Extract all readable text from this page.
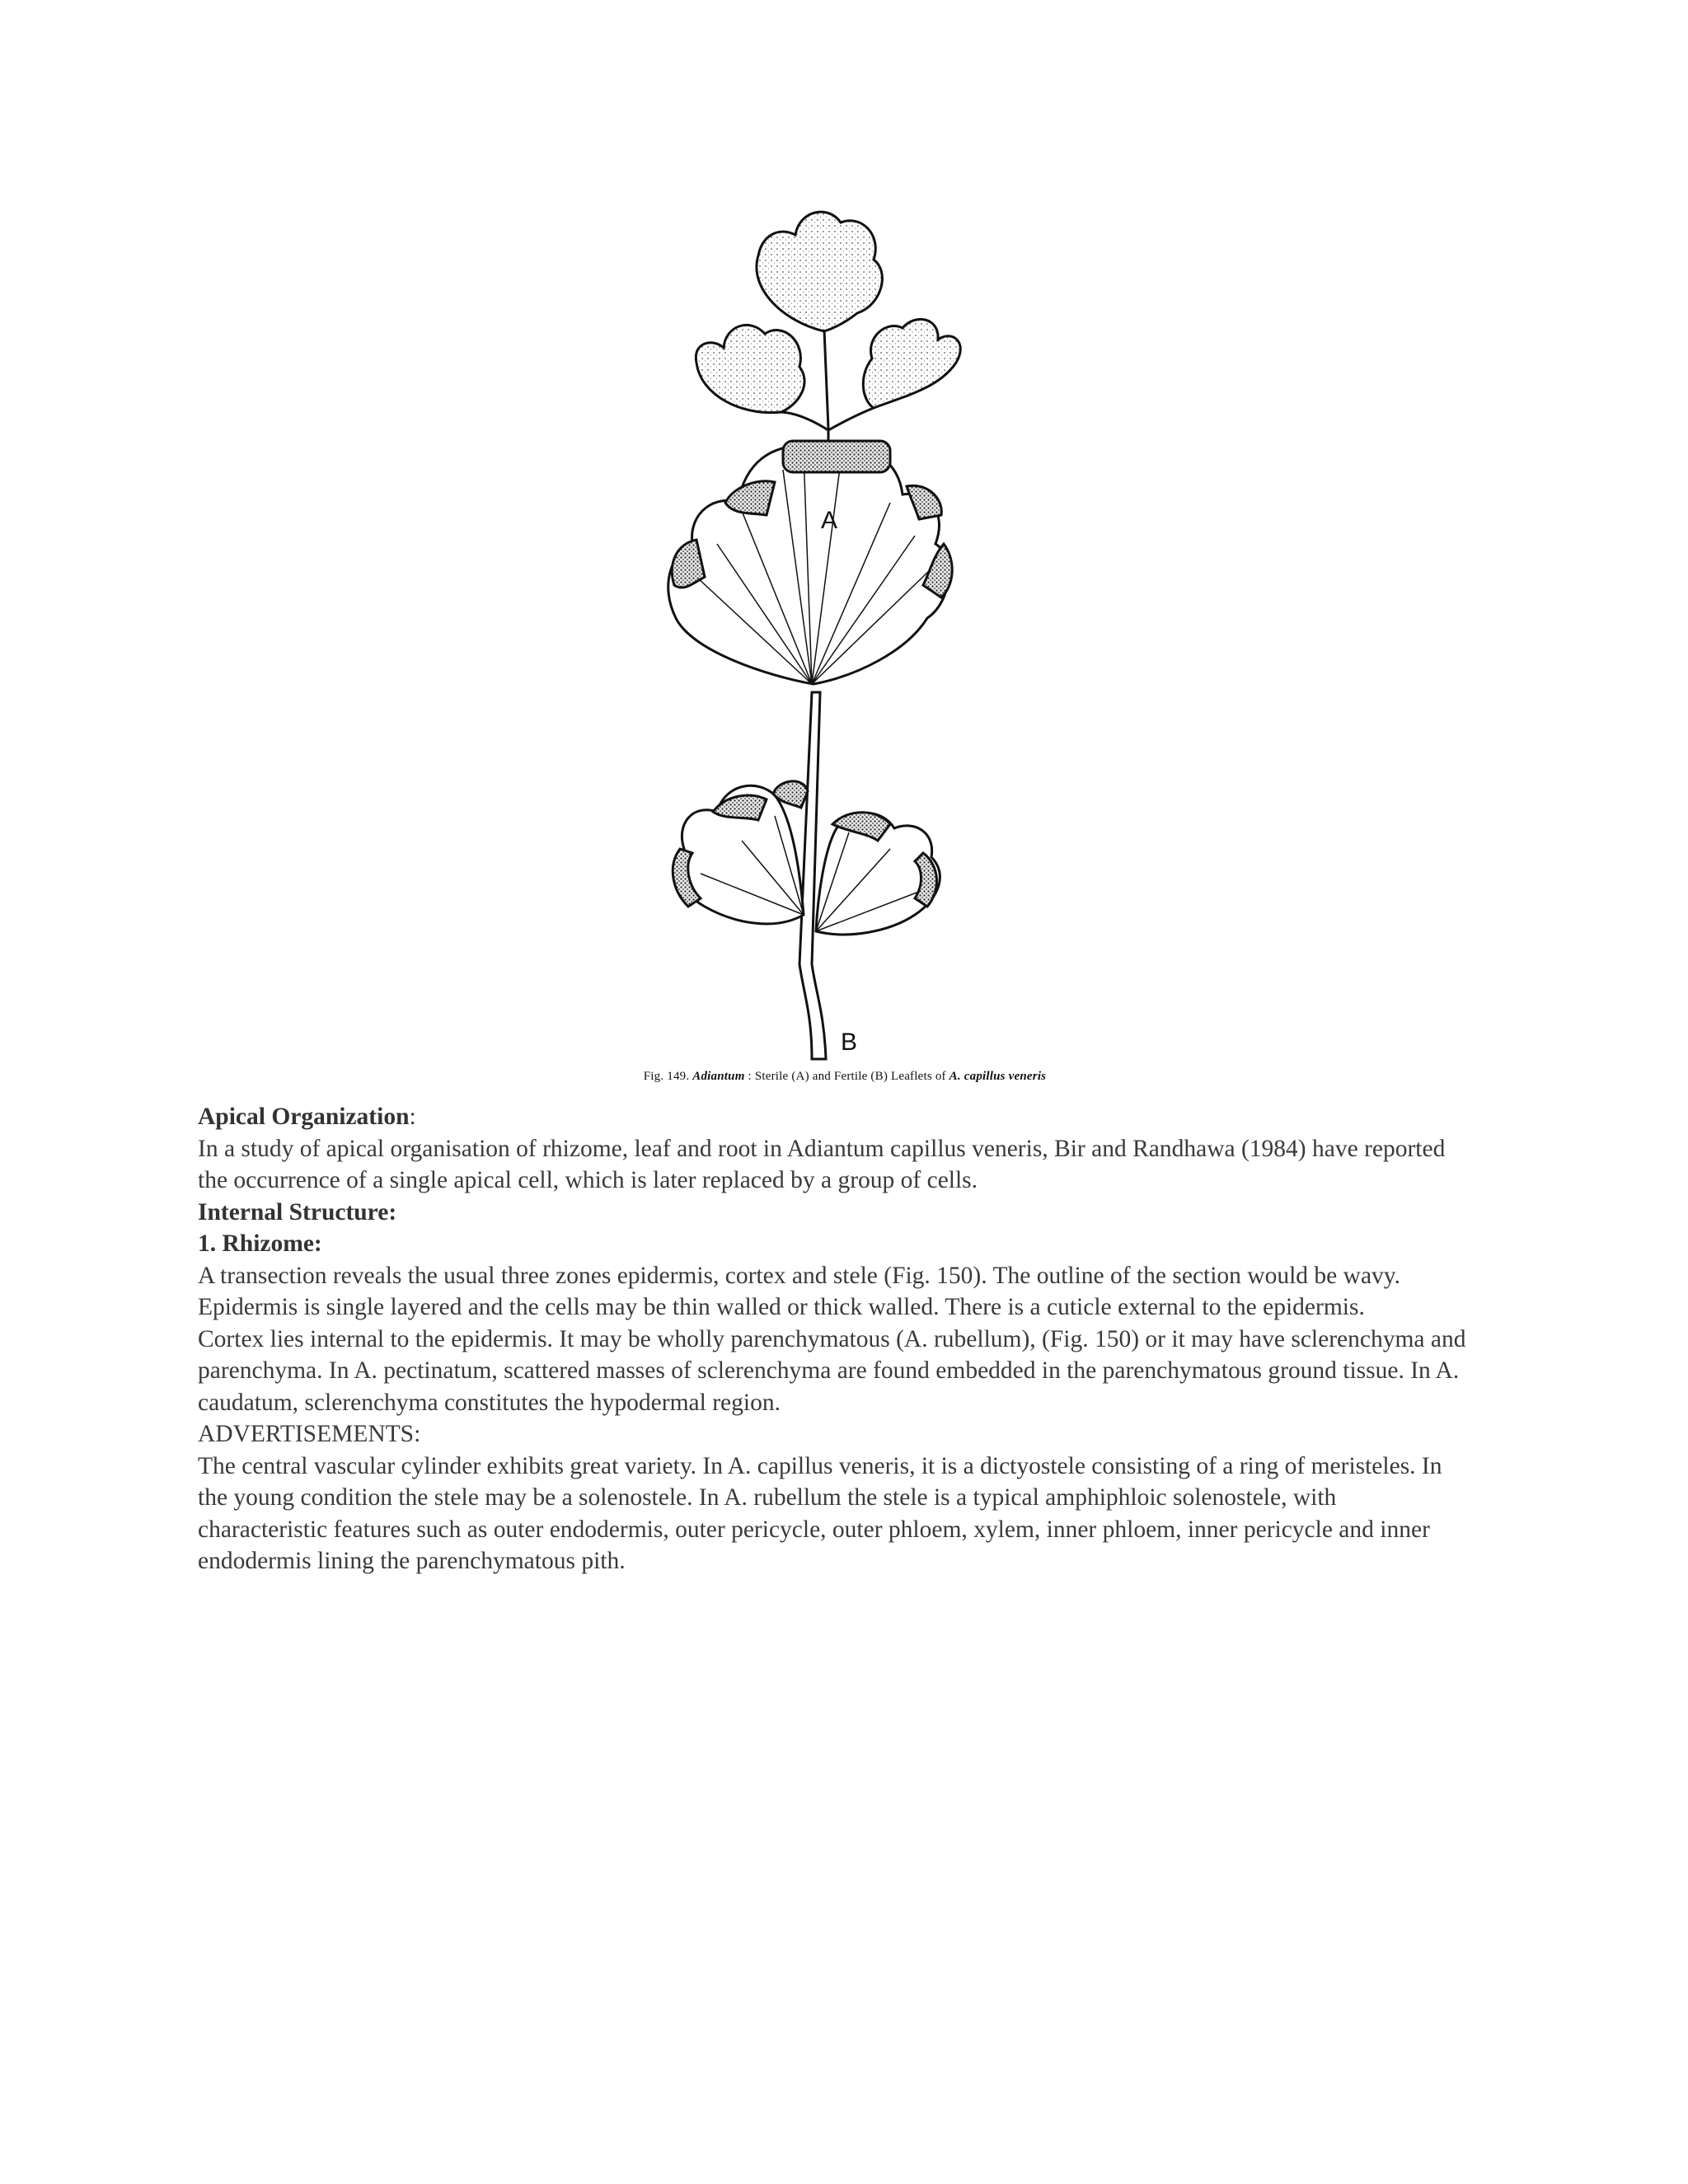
A
B
Fig. 149. Adiantum : Sterile (A) and Fertile (B) Leaflets of A. capillus veneris

Apical Organization:

In a study of apical organisation of rhizome, leaf and root in Adiantum capillus veneris, Bir and Randhawa (1984) have reported the occurrence of a single apical cell, which is later replaced by a group of cells.

Internal Structure:

1. Rhizome:

A transection reveals the usual three zones epidermis, cortex and stele (Fig. 150). The outline of the section would be wavy. Epidermis is single layered and the cells may be thin walled or thick walled. There is a cuticle external to the epidermis.

Cortex lies internal to the epidermis. It may be wholly parenchymatous (A. rubellum), (Fig. 150) or it may have sclerenchyma and parenchyma. In A. pectinatum, scattered masses of sclerenchyma are found embedded in the parenchymatous ground tissue. In A. caudatum, sclerenchyma constitutes the hypodermal region.

ADVERTISEMENTS:

The central vascular cylinder exhibits great variety. In A. capillus veneris, it is a dictyostele consisting of a ring of meristeles. In the young condition the stele may be a solenostele. In A. rubellum the stele is a typical amphiphloic solenostele, with characteristic features such as outer endodermis, outer pericycle, outer phloem, xylem, inner phloem, inner pericycle and inner endodermis lining the parenchymatous pith.
